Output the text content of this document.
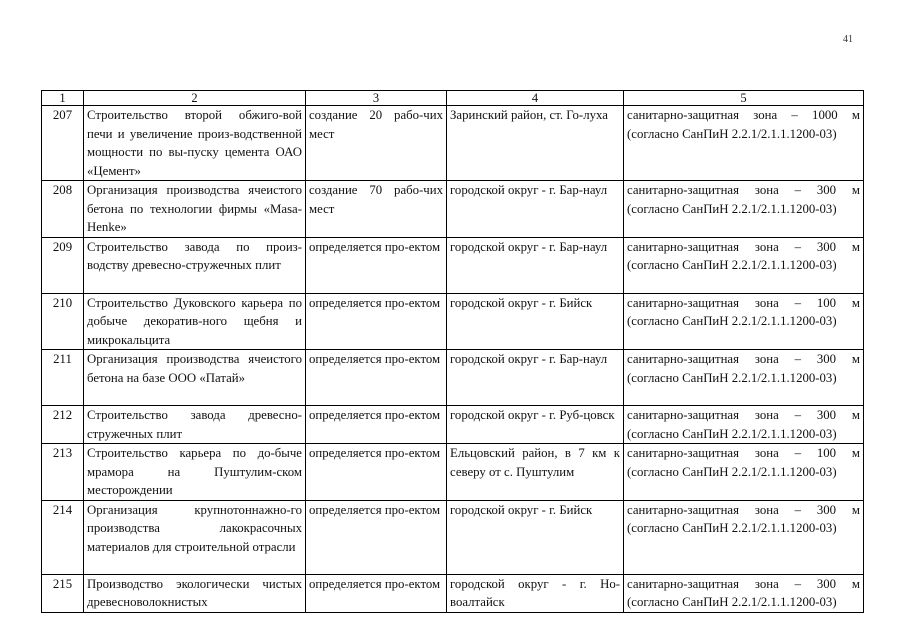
41
1	2	3	4	5
207	Строительство второй обжиго-вой печи и увеличение произ-водственной мощности по вы-пуску цемента ОАО «Цемент»	создание 20 рабо-чих мест	Заринский район, ст. Го-луха	санитарно-защитная зона – 1000 м (согласно СанПиН 2.2.1/2.1.1.1200-03)
208	Организация производства ячеистого бетона по технологии фирмы «Masa-Henke»	создание 70 рабо-чих мест	городской округ - г. Бар-наул	санитарно-защитная зона – 300 м (согласно СанПиН 2.2.1/2.1.1.1200-03)
209	Строительство завода по произ-водству древесно-стружечных плит	определяется про-ектом	городской округ - г. Бар-наул	санитарно-защитная зона – 300 м (согласно СанПиН 2.2.1/2.1.1.1200-03)
210	Строительство Дуковского карьера по добыче декоратив-ного щебня и микрокальцита	определяется про-ектом	городской округ - г. Бийск	санитарно-защитная зона – 100 м (согласно СанПиН 2.2.1/2.1.1.1200-03)
211	Организация производства ячеистого бетона на базе ООО «Патай»	определяется про-ектом	городской округ - г. Бар-наул	санитарно-защитная зона – 300 м (согласно СанПиН 2.2.1/2.1.1.1200-03)
212	Строительство завода древесно-стружечных плит	определяется про-ектом	городской округ - г. Руб-цовск	санитарно-защитная зона – 300 м (согласно СанПиН 2.2.1/2.1.1.1200-03)
213	Строительство карьера по до-быче мрамора на Пуштулим-ском месторождении	определяется про-ектом	Ельцовский район, в 7 км к северу от с. Пуштулим	санитарно-защитная зона – 100 м (согласно СанПиН 2.2.1/2.1.1.1200-03)
214	Организация крупнотоннажно-го производства лакокрасочных материалов для строительной отрасли	определяется про-ектом	городской округ - г. Бийск	санитарно-защитная зона – 300 м (согласно СанПиН 2.2.1/2.1.1.1200-03)
215	Производство экологически чистых древесноволокнистых	определяется про-ектом	городской округ - г. Но-воалтайск	санитарно-защитная зона – 300 м (согласно СанПиН 2.2.1/2.1.1.1200-03)
